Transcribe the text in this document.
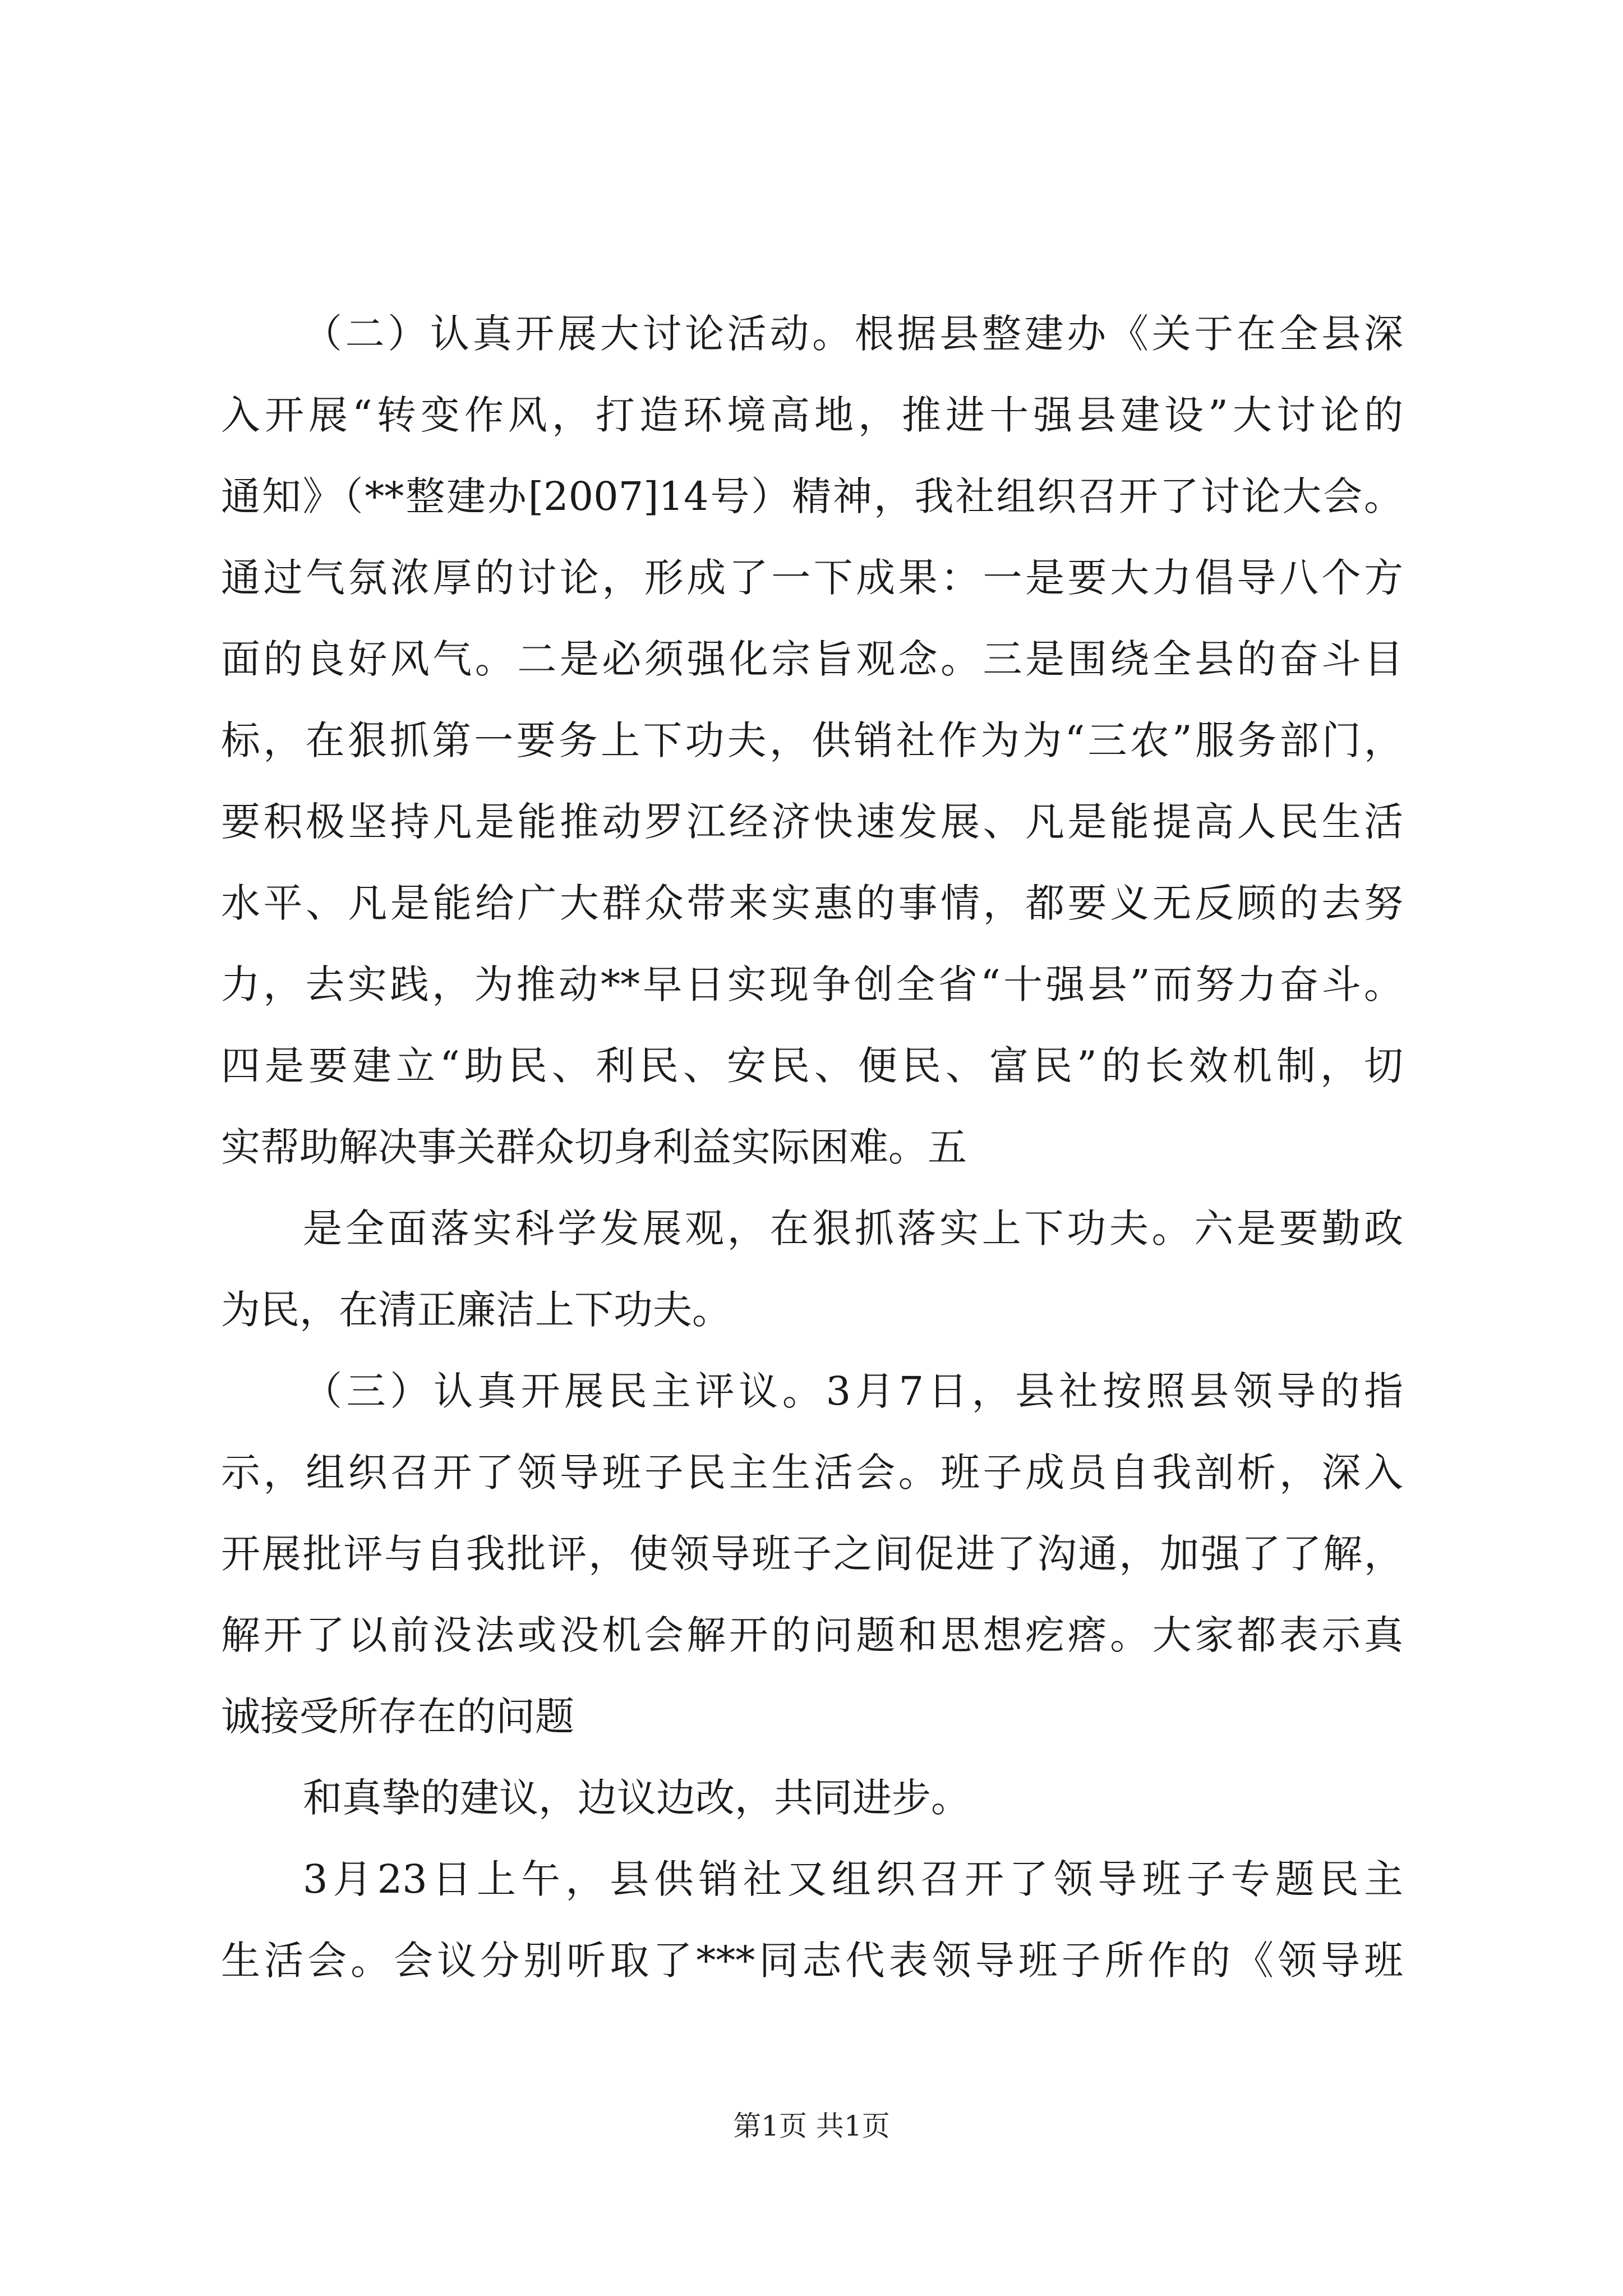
（二）认真开展大讨论活动。根据县整建办《关于在全县深
入开展“转变作风，打造环境高地，推进十强县建设”大讨论的
通知》（**整建办[2007]14号）精神，我社组织召开了讨论大会。
通过气氛浓厚的讨论，形成了一下成果：一是要大力倡导八个方
面的良好风气。二是必须强化宗旨观念。三是围绕全县的奋斗目
标，在狠抓第一要务上下功夫，供销社作为为“三农”服务部门，
要积极坚持凡是能推动罗江经济快速发展、凡是能提高人民生活
水平、凡是能给广大群众带来实惠的事情，都要义无反顾的去努
力，去实践，为推动**早日实现争创全省“十强县”而努力奋斗。
四是要建立“助民、利民、安民、便民、富民”的长效机制，切
实帮助解决事关群众切身利益实际困难。五
是全面落实科学发展观，在狠抓落实上下功夫。六是要勤政
为民，在清正廉洁上下功夫。
（三）认真开展民主评议。3月7日，县社按照县领导的指
示，组织召开了领导班子民主生活会。班子成员自我剖析，深入
开展批评与自我批评，使领导班子之间促进了沟通，加强了了解，
解开了以前没法或没机会解开的问题和思想疙瘩。大家都表示真
诚接受所存在的问题
和真挚的建议，边议边改，共同进步。
3月23日上午，县供销社又组织召开了领导班子专题民主
生活会。会议分别听取了***同志代表领导班子所作的《领导班
第1页 共1页
